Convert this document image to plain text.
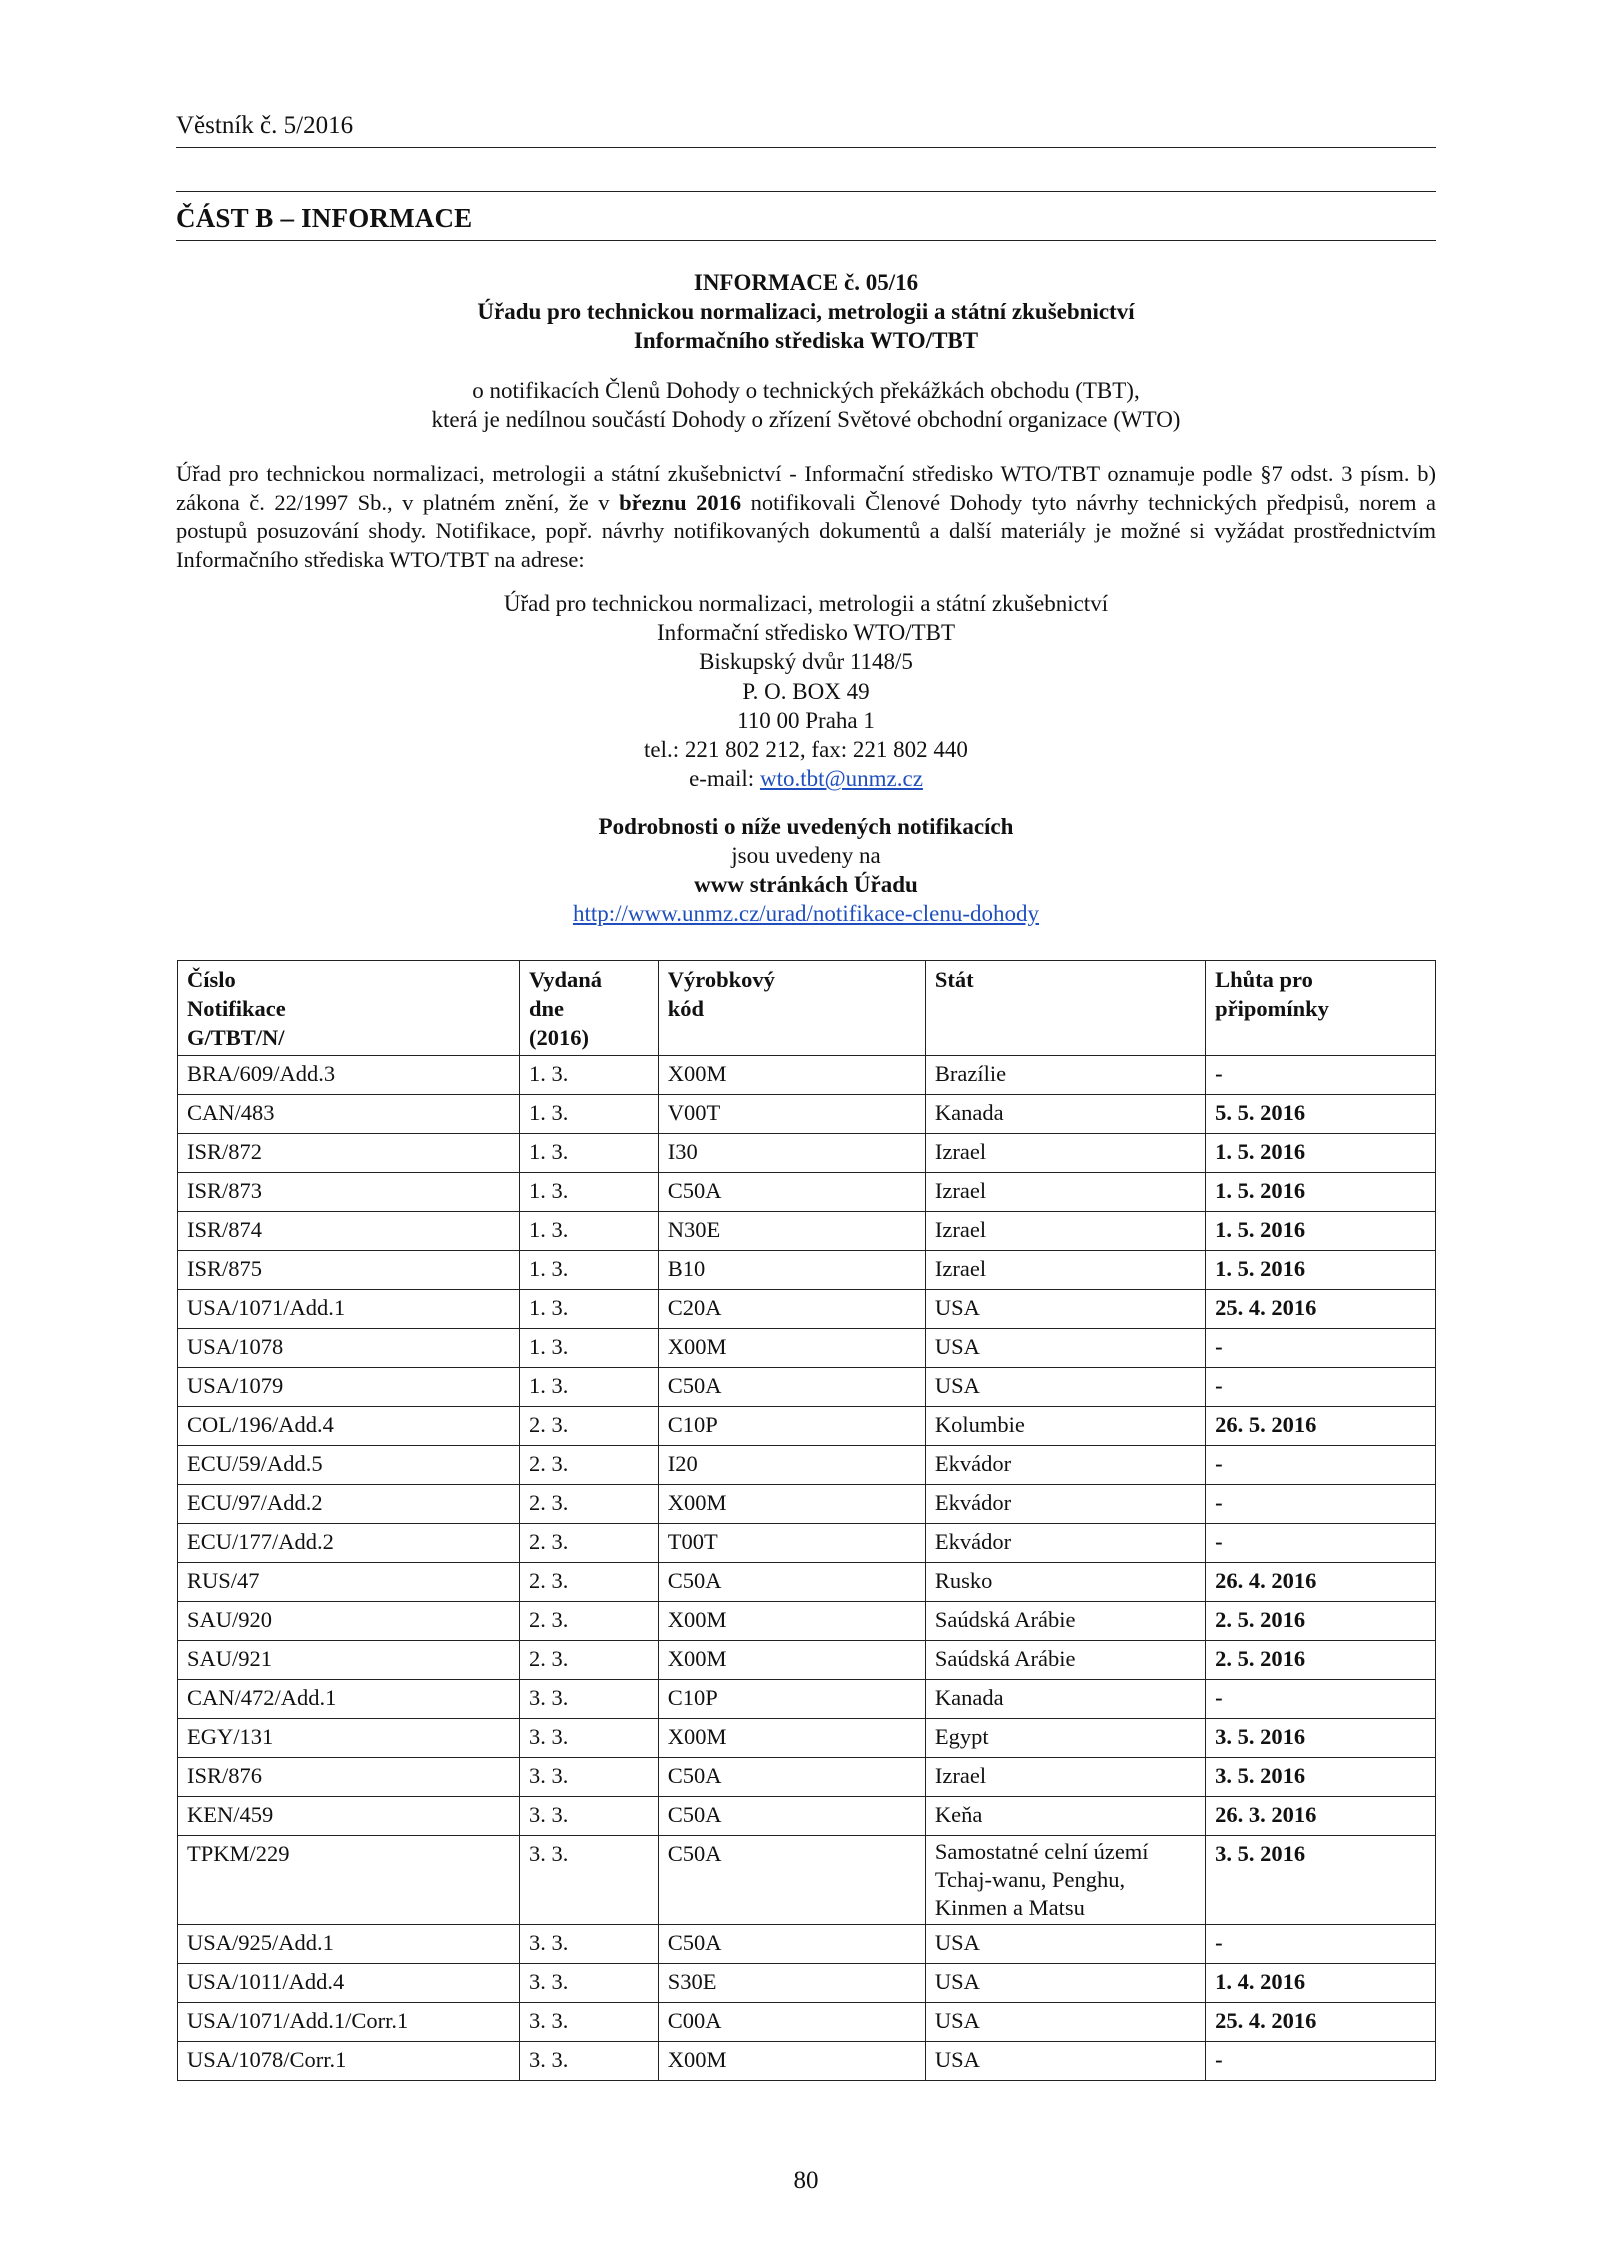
Věstník č. 5/2016
ČÁST B – INFORMACE
INFORMACE č. 05/16
Úřadu pro technickou normalizaci, metrologii a státní zkušebnictví
Informačního střediska WTO/TBT
o notifikacích Členů Dohody o technických překážkách obchodu (TBT),
která je nedílnou součástí Dohody o zřízení Světové obchodní organizace (WTO)
Úřad pro technickou normalizaci, metrologii a státní zkušebnictví - Informační středisko WTO/TBT oznamuje podle §7 odst. 3 písm. b) zákona č. 22/1997 Sb., v platném znění, že v březnu 2016 notifikovali Členové Dohody tyto návrhy technických předpisů, norem a postupů posuzování shody. Notifikace, popř. návrhy notifikovaných dokumentů a další materiály je možné si vyžádat prostřednictvím Informačního střediska WTO/TBT na adrese:
Úřad pro technickou normalizaci, metrologii a státní zkušebnictví
Informační středisko WTO/TBT
Biskupský dvůr 1148/5
P. O. BOX 49
110 00 Praha 1
tel.: 221 802 212, fax: 221 802 440
e-mail: wto.tbt@unmz.cz
Podrobnosti o níže uvedených notifikacích
jsou uvedeny na
www stránkách Úřadu
http://www.unmz.cz/urad/notifikace-clenu-dohody
Číslo
Notifikace
G/TBT/N/	Vydaná
dne
(2016)	Výrobkový
kód	Stát	Lhůta pro
připomínky
BRA/609/Add.3	1. 3.	X00M	Brazílie	-
CAN/483	1. 3.	V00T	Kanada	5. 5. 2016
ISR/872	1. 3.	I30	Izrael	1. 5. 2016
ISR/873	1. 3.	C50A	Izrael	1. 5. 2016
ISR/874	1. 3.	N30E	Izrael	1. 5. 2016
ISR/875	1. 3.	B10	Izrael	1. 5. 2016
USA/1071/Add.1	1. 3.	C20A	USA	25. 4. 2016
USA/1078	1. 3.	X00M	USA	-
USA/1079	1. 3.	C50A	USA	-
COL/196/Add.4	2. 3.	C10P	Kolumbie	26. 5. 2016
ECU/59/Add.5	2. 3.	I20	Ekvádor	-
ECU/97/Add.2	2. 3.	X00M	Ekvádor	-
ECU/177/Add.2	2. 3.	T00T	Ekvádor	-
RUS/47	2. 3.	C50A	Rusko	26. 4. 2016
SAU/920	2. 3.	X00M	Saúdská Arábie	2. 5. 2016
SAU/921	2. 3.	X00M	Saúdská Arábie	2. 5. 2016
CAN/472/Add.1	3. 3.	C10P	Kanada	-
EGY/131	3. 3.	X00M	Egypt	3. 5. 2016
ISR/876	3. 3.	C50A	Izrael	3. 5. 2016
KEN/459	3. 3.	C50A	Keňa	26. 3. 2016
TPKM/229	3. 3.	C50A	Samostatné celní území
Tchaj-wanu, Penghu,
Kinmen a Matsu	3. 5. 2016
USA/925/Add.1	3. 3.	C50A	USA	-
USA/1011/Add.4	3. 3.	S30E	USA	1. 4. 2016
USA/1071/Add.1/Corr.1	3. 3.	C00A	USA	25. 4. 2016
USA/1078/Corr.1	3. 3.	X00M	USA	-
80
